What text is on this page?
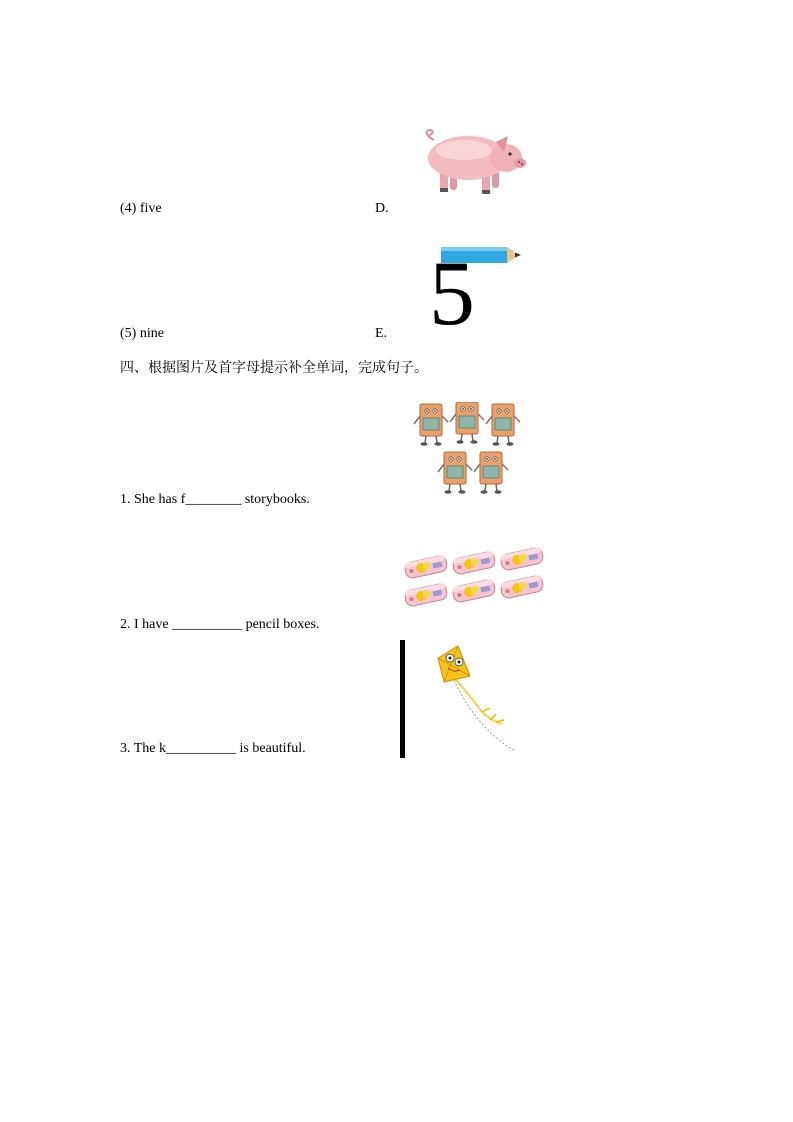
(4) five	D.
(5) nine	E. 5
四、根据图片及首字母提示补全单词，完成句子。
1. She has f________ storybooks.
2. I have __________ pencil boxes.
3. The k__________ is beautiful.
